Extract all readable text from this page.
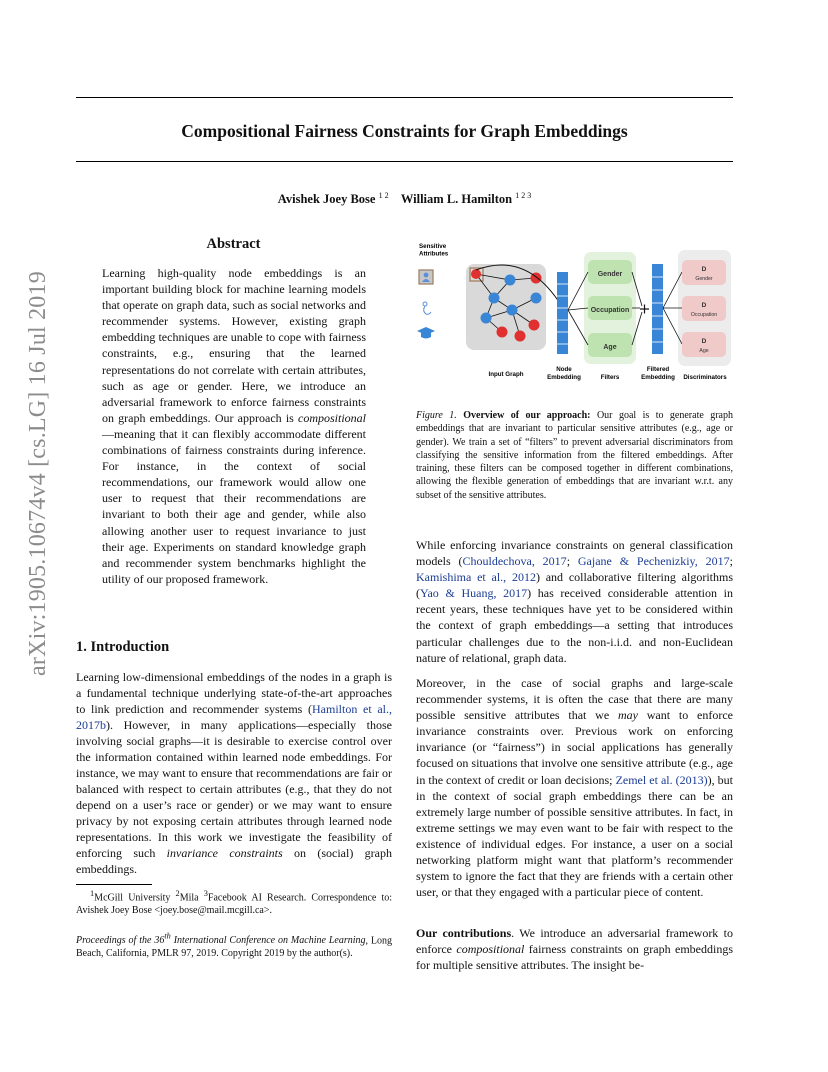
Compositional Fairness Constraints for Graph Embeddings
Avishek Joey Bose $^{1 2}$ William L. Hamilton $^{1 2 3}$
arXiv:1905.10674v4 [cs.LG] 16 Jul 2019
Abstract
Learning high-quality node embeddings is an important building block for machine learning models that operate on graph data, such as social networks and recommender systems. However, existing graph embedding techniques are unable to cope with fairness constraints, e.g., ensuring that the learned representations do not correlate with certain attributes, such as age or gender. Here, we introduce an adversarial framework to enforce fairness constraints on graph embeddings. Our approach is compositional—meaning that it can flexibly accommodate different combinations of fairness constraints during inference. For instance, in the context of social recommendations, our framework would allow one user to request that their recommendations are invariant to both their age and gender, while also allowing another user to request invariance to just their age. Experiments on standard knowledge graph and recommender system benchmarks highlight the utility of our proposed framework.
1. Introduction
Learning low-dimensional embeddings of the nodes in a graph is a fundamental technique underlying state-of-the-art approaches to link prediction and recommender systems (Hamilton et al., 2017b). However, in many applications—especially those involving social graphs—it is desirable to exercise control over the information contained within learned node embeddings. For instance, we may want to ensure that recommendations are fair or balanced with respect to certain attributes (e.g., that they do not depend on a user’s race or gender) or we may want to ensure privacy by not exposing certain attributes through learned node representations. In this work we investigate the feasibility of enforcing such invariance constraints on (social) graph embeddings.
$^1$McGill University $^2$Mila $^3$Facebook AI Research. Correspondence to: Avishek Joey Bose <joey.bose@mail.mcgill.ca>.
Proceedings of the 36th International Conference on Machine Learning, Long Beach, California, PMLR 97, 2019. Copyright 2019 by the author(s).
Sensitive Attributes
Gender
Occupation
Age
D
Gender
D
Occupation
D
Age
Input Graph
Node Embedding	Filters
Filtered Embedding Discriminators
Figure 1. Overview of our approach: Our goal is to generate graph embeddings that are invariant to particular sensitive attributes (e.g., age or gender). We train a set of “filters” to prevent adversarial discriminators from classifying the sensitive information from the filtered embeddings. After training, these filters can be composed together in different combinations, allowing the flexible generation of embeddings that are invariant w.r.t. any subset of the sensitive attributes.
While enforcing invariance constraints on general classification models (Chouldechova, 2017; Gajane & Pechenizkiy, 2017; Kamishima et al., 2012) and collaborative filtering algorithms (Yao & Huang, 2017) has received considerable attention in recent years, these techniques have yet to be considered within the context of graph embeddings—a setting that introduces particular challenges due to the non-i.i.d. and non-Euclidean nature of relational, graph data.
Moreover, in the case of social graphs and large-scale recommender systems, it is often the case that there are many possible sensitive attributes that we may want to enforce invariance constraints over. Previous work on enforcing invariance (or “fairness”) in social applications has generally focused on situations that involve one sensitive attribute (e.g., age in the context of credit or loan decisions; Zemel et al. (2013)), but in the context of social graph embeddings there can be an extremely large number of possible sensitive attributes. In fact, in extreme settings we may even want to be fair with respect to the existence of individual edges. For instance, a user on a social networking platform might want that platform’s recommender system to ignore the fact that they are friends with a certain other user, or that they engaged with a particular piece of content.
Our contributions. We introduce an adversarial framework to enforce compositional fairness constraints on graph embeddings for multiple sensitive attributes. The insight be-
